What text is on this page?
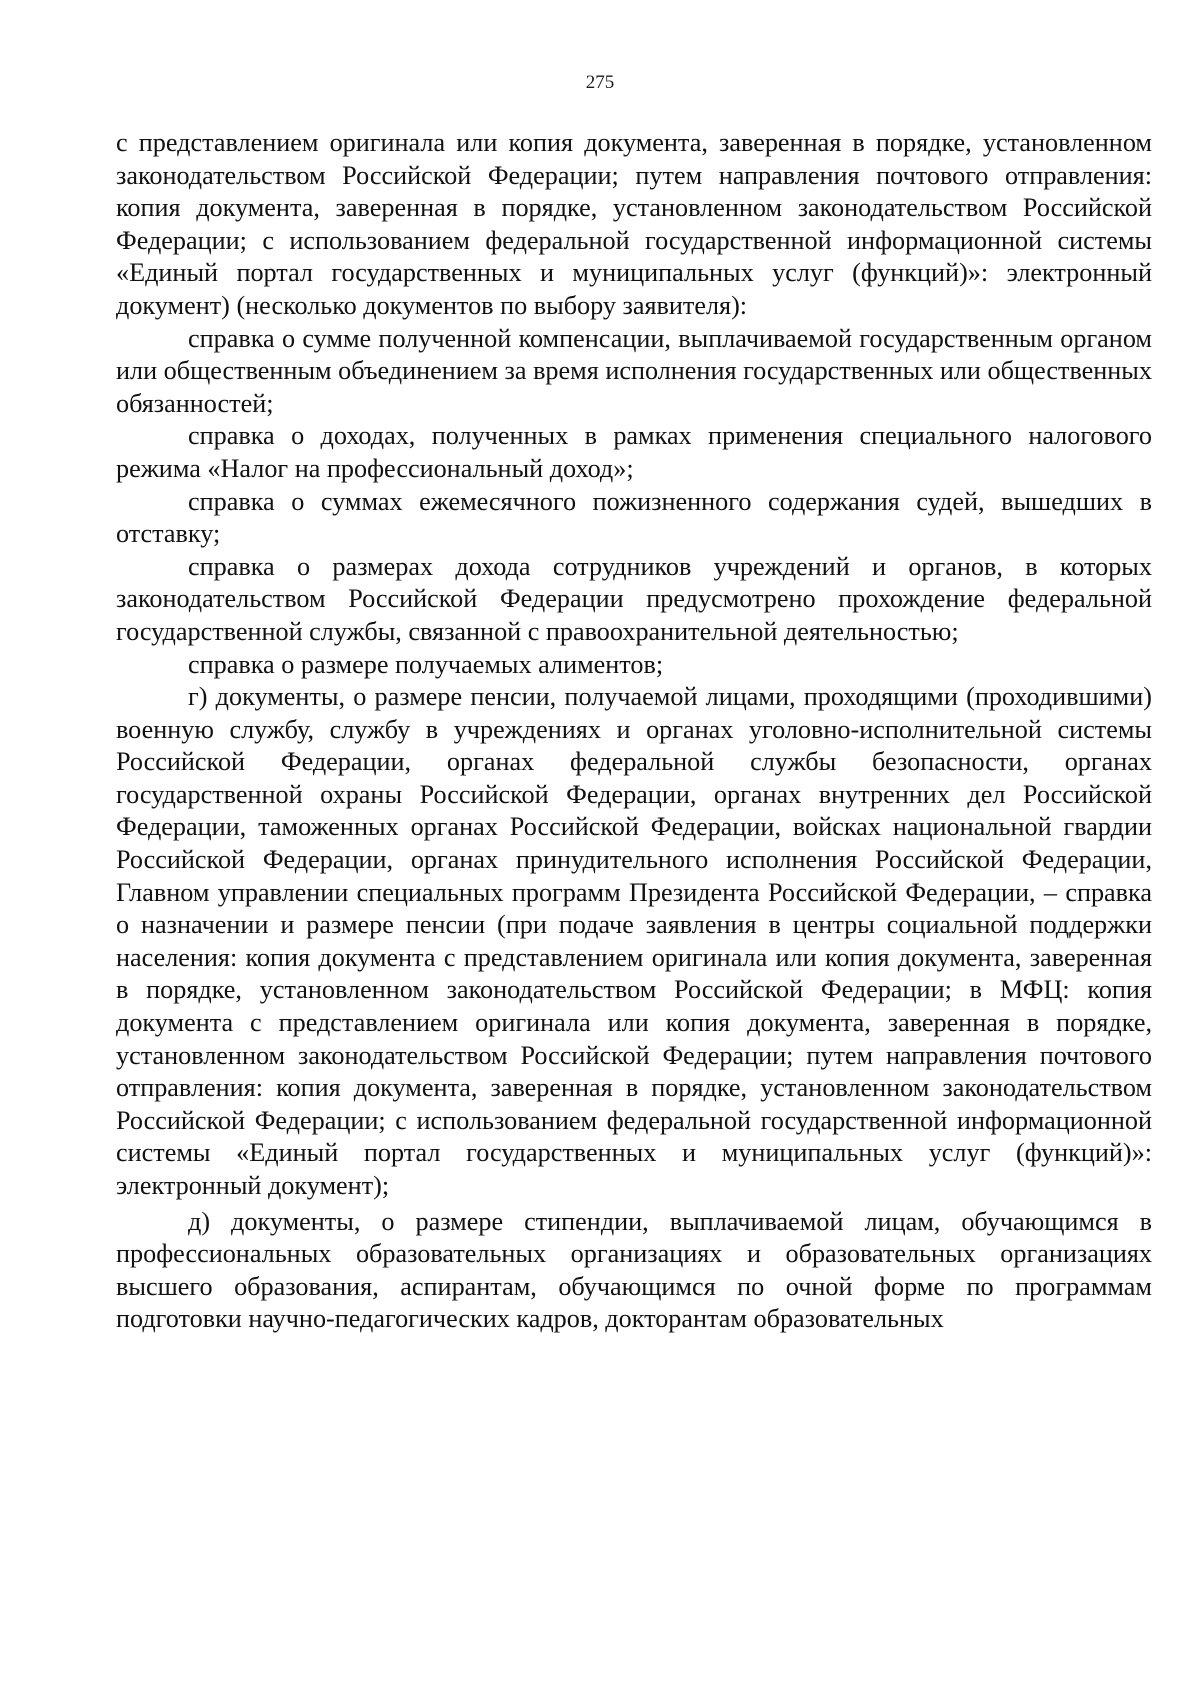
275

с представлением оригинала или копия документа, заверенная в порядке, установленном законодательством Российской Федерации; путем направления почтового отправления: копия документа, заверенная в порядке, установленном законодательством Российской Федерации; с использованием федеральной государственной информационной системы «Единый портал государственных и муниципальных услуг (функций)»: электронный документ) (несколько документов по выбору заявителя):

справка о сумме полученной компенсации, выплачиваемой государственным органом или общественным объединением за время исполнения государственных или общественных обязанностей;

справка о доходах, полученных в рамках применения специального налогового режима «Налог на профессиональный доход»;

справка о суммах ежемесячного пожизненного содержания судей, вышедших в отставку;

справка о размерах дохода сотрудников учреждений и органов, в которых законодательством Российской Федерации предусмотрено прохождение федеральной государственной службы, связанной с правоохранительной деятельностью;

справка о размере получаемых алиментов;

г) документы, о размере пенсии, получаемой лицами, проходящими (проходившими) военную службу, службу в учреждениях и органах уголовно-исполнительной системы Российской Федерации, органах федеральной службы безопасности, органах государственной охраны Российской Федерации, органах внутренних дел Российской Федерации, таможенных органах Российской Федерации, войсках национальной гвардии Российской Федерации, органах принудительного исполнения Российской Федерации, Главном управлении специальных программ Президента Российской Федерации, – справка о назначении и размере пенсии (при подаче заявления в центры социальной поддержки населения: копия документа с представлением оригинала или копия документа, заверенная в порядке, установленном законодательством Российской Федерации; в МФЦ: копия документа с представлением оригинала или копия документа, заверенная в порядке, установленном законодательством Российской Федерации; путем направления почтового отправления: копия документа, заверенная в порядке, установленном законодательством Российской Федерации; с использованием федеральной государственной информационной системы «Единый портал государственных и муниципальных услуг (функций)»: электронный документ);

д) документы, о размере стипендии, выплачиваемой лицам, обучающимся в профессиональных образовательных организациях и образовательных организациях высшего образования, аспирантам, обучающимся по очной форме по программам подготовки научно-педагогических кадров, докторантам образовательных
